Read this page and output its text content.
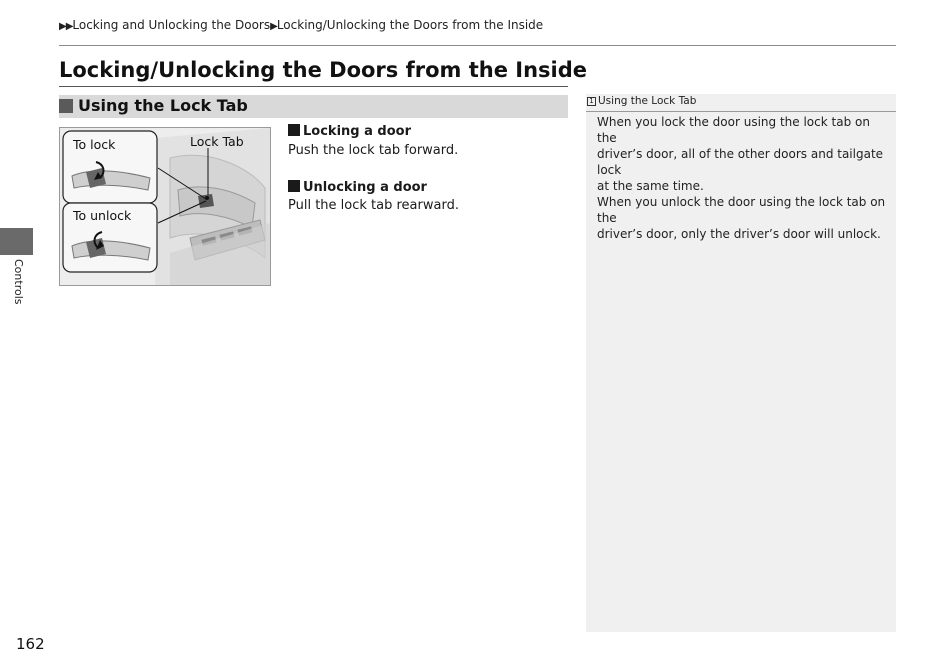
▶▶Locking and Unlocking the Doors▶Locking/Unlocking the Doors from the Inside
Locking/Unlocking the Doors from the Inside
Using the Lock Tab
To lock
To unlock
Lock Tab
Locking a door
Push the lock tab forward.
Unlocking a door
Pull the lock tab rearward.
Controls
1 Using the Lock Tab
When you lock the door using the lock tab on the
driver’s door, all of the other doors and tailgate lock
at the same time.
When you unlock the door using the lock tab on the
driver’s door, only the driver’s door will unlock.
162
